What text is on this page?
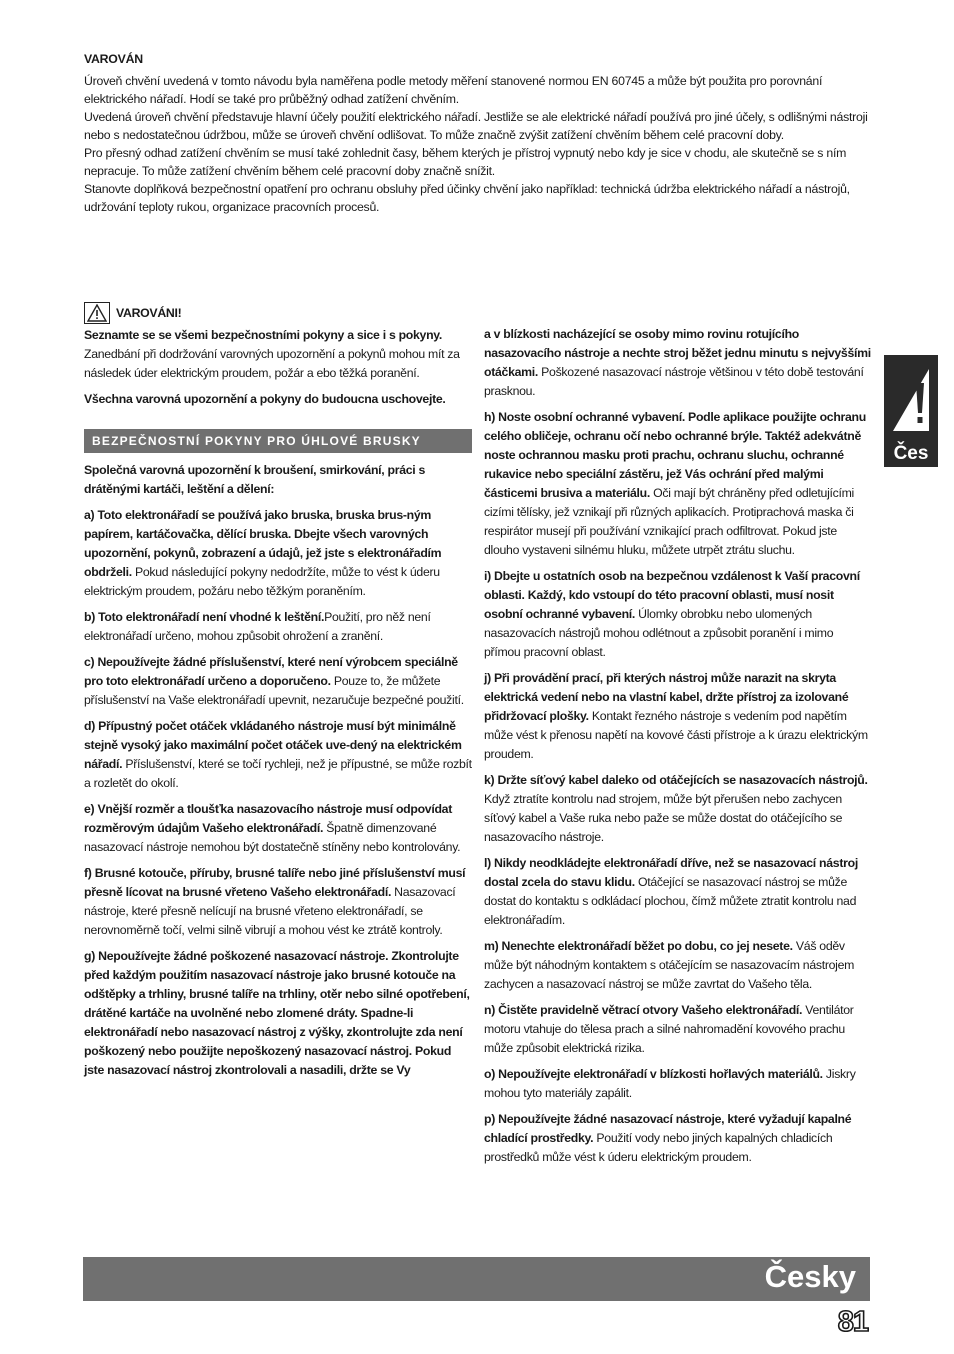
VAROVÁN

Úroveň chvění uvedená v tomto návodu byla naměřena podle metody měření stanovené normou EN 60745 a může být použita pro porovnání elektrického nářadí. Hodí se také pro průběžný odhad zatížení chvěním.

Uvedená úroveň chvění představuje hlavní účely použití elektrického nářadí. Jestliže se ale elektrické nářadí používá pro jiné účely, s odlišnými nástroji nebo s nedostatečnou údržbou, může se úroveň chvění odlišovat. To může značně zvýšit zatížení chvěním během celé pracovní doby.

Pro přesný odhad zatížení chvěním se musí také zohlednit časy, během kterých je přístroj vypnutý nebo kdy je sice v chodu, ale skutečně se s ním nepracuje. To může zatížení chvěním během celé pracovní doby značně snížit.

Stanovte doplňková bezpečnostní opatření pro ochranu obsluhy před účinky chvění jako například: technická údržba elektrického nářadí a nástrojů, udržování teploty rukou, organizace pracovních procesů.

VAROVÁNI!

Seznamte se se všemi bezpečnostními pokyny a sice i s pokyny. Zanedbání při dodržování varovných upozornění a pokynů mohou mít za následek úder elektrickým proudem, požár a ebo těžká poranění.

Všechna varovná upozornění a pokyny do budoucna uschovejte.

BEZPEČNOSTNÍ POKYNY PRO ÚHLOVÉ BRUSKY

Společná varovná upozornění k broušení, smirkování, práci s drátěnými kartáči, leštění a dělení:

a) Toto elektronářadí se používá jako bruska, bruska brus-ným papírem, kartáčovačka, dělící bruska. Dbejte všech varovných upozornění, pokynů, zobrazení a údajů, jež jste s elektronářadím obdrželi. Pokud následující pokyny nedodržíte, může to vést k úderu elektrickým proudem, požáru nebo těžkým poraněním.

b) Toto elektronářadí není vhodné k leštění.Použití, pro něž není elektronářadí určeno, mohou způsobit ohrožení a zranění.

c) Nepoužívejte žádné příslušenství, které není výrobcem speciálně pro toto elektronářadí určeno a doporučeno. Pouze to, že můžete příslušenství na Vaše elektronářadí upevnit, nezaručuje bezpečné použití.

d) Přípustný počet otáček vkládaného nástroje musí být minimálně stejně vysoký jako maximální počet otáček uve-dený na elektrickém nářadí. Příslušenství, které se točí rychleji, než je přípustné, se může rozbít a rozletět do okolí.

e) Vnější rozměr a tloušťka nasazovacího nástroje musí odpovídat rozměrovým údajům Vašeho elektronářadí. Špatně dimenzované nasazovací nástroje nemohou být dostatečně stíněny nebo kontrolovány.

f) Brusné kotouče, příruby, brusné talíře nebo jiné příslušenství musí přesně lícovat na brusné vřeteno Vašeho elektronářadí. Nasazovací nástroje, které přesně nelícují na brusné vřeteno elektronářadí, se nerovnoměrně točí, velmi silně vibrují a mohou vést ke ztrátě kontroly.

g) Nepoužívejte žádné poškozené nasazovací nástroje. Zkontrolujte před každým použitím nasazovací nástroje jako brusné kotouče na odštěpky a trhliny, brusné talíře na trhliny, otěr nebo silné opotřebení, drátěné kartáče na uvolněné nebo zlomené dráty. Spadne-li elektronářadí nebo nasazovací nástroj z výšky, zkontrolujte zda není poškozený nebo použijte nepoškozený nasazovací nástroj. Pokud jste nasazovací nástroj zkontrolovali a nasadili, držte se Vy

a v blízkosti nacházející se osoby mimo rovinu rotujícího nasazovacího nástroje a nechte stroj běžet jednu minutu s nejvyššími otáčkami. Poškozené nasazovací nástroje většinou v této době testování prasknou.

h) Noste osobní ochranné vybavení. Podle aplikace použijte ochranu celého obličeje, ochranu očí nebo ochranné brýle. Taktéž adekvátně noste ochrannou masku proti prachu, ochranu sluchu, ochranné rukavice nebo speciální zástěru, jež Vás ochrání před malými částicemi brusiva a materiálu. Oči mají být chráněny před odletujícími cizími tělísky, jež vznikají při různých aplikacích. Protiprachová maska či respirátor musejí při používání vznikající prach odfiltrovat. Pokud jste dlouho vystaveni silnému hluku, můžete utrpět ztrátu sluchu.

i) Dbejte u ostatních osob na bezpečnou vzdálenost k Vaší pracovní oblasti. Každý, kdo vstoupí do této pracovní oblasti, musí nosit osobní ochranné vybavení. Úlomky obrobku nebo ulomených nasazovacích nástrojů mohou odlétnout a způsobit poranění i mimo přímou pracovní oblast.

j) Při provádění prací, při kterých nástroj může narazit na skryta elektrická vedení nebo na vlastní kabel, držte přístroj za izolované přidržovací plošky. Kontakt řezného nástroje s vedením pod napětím může vést k přenosu napětí na kovové části přístroje a k úrazu elektrickým proudem.

k) Držte síťový kabel daleko od otáčejících se nasazovacích nástrojů. Když ztratíte kontrolu nad strojem, může být přerušen nebo zachycen síťový kabel a Vaše ruka nebo paže se může dostat do otáčejícího se nasazovacího nástroje.

l) Nikdy neodkládejte elektronářadí dříve, než se nasazovací nástroj dostal zcela do stavu klidu. Otáčející se nasazovací nástroj se může dostat do kontaktu s odkládací plochou, čímž můžete ztratit kontrolu nad elektronářadím.

m) Nenechte elektronářadí běžet po dobu, co jej nesete. Váš oděv může být náhodným kontaktem s otáčejícím se nasazovacím nástrojem zachycen a nasazovací nástroj se může zavrtat do Vašeho těla.

n) Čistěte pravidelně větrací otvory Vašeho elektronářadí. Ventilátor motoru vtahuje do tělesa prach a silné nahromadění kovového prachu může způsobit elektrická rizika.

o) Nepoužívejte elektronářadí v blízkosti hořlavých materiálů. Jiskry mohou tyto materiály zapálit.

p) Nepoužívejte žádné nasazovací nástroje, které vyžadují kapalné chladící prostředky. Použití vody nebo jiných kapalných chladicích prostředků může vést k úderu elektrickým proudem.

Čes
Česky
81
